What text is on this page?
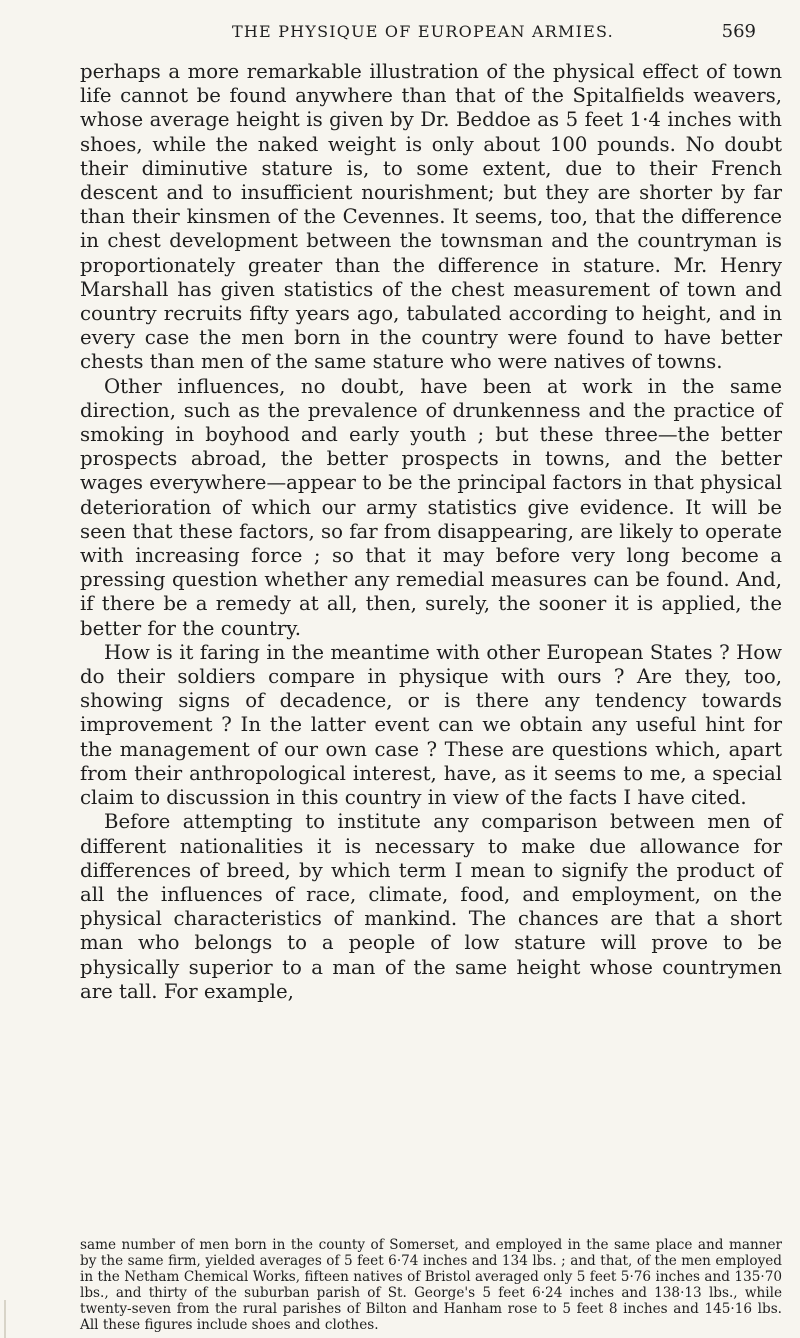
THE PHYSIQUE OF EUROPEAN ARMIES.	569

perhaps a more remarkable illustration of the physical effect of town life cannot be found anywhere than that of the Spitalfields weavers, whose average height is given by Dr. Beddoe as 5 feet 1·4 inches with shoes, while the naked weight is only about 100 pounds. No doubt their diminutive stature is, to some extent, due to their French descent and to insufficient nourishment; but they are shorter by far than their kinsmen of the Cevennes. It seems, too, that the difference in chest development between the townsman and the countryman is proportionately greater than the difference in stature. Mr. Henry Marshall has given statistics of the chest measurement of town and country recruits fifty years ago, tabulated according to height, and in every case the men born in the country were found to have better chests than men of the same stature who were natives of towns.

Other influences, no doubt, have been at work in the same direction, such as the prevalence of drunkenness and the practice of smoking in boyhood and early youth ; but these three—the better prospects abroad, the better prospects in towns, and the better wages everywhere—appear to be the principal factors in that physical deterioration of which our army statistics give evidence. It will be seen that these factors, so far from disappearing, are likely to operate with increasing force ; so that it may before very long become a pressing question whether any remedial measures can be found. And, if there be a remedy at all, then, surely, the sooner it is applied, the better for the country.

How is it faring in the meantime with other European States ? How do their soldiers compare in physique with ours ? Are they, too, showing signs of decadence, or is there any tendency towards improvement ? In the latter event can we obtain any useful hint for the management of our own case ? These are questions which, apart from their anthropological interest, have, as it seems to me, a special claim to discussion in this country in view of the facts I have cited.

Before attempting to institute any comparison between men of different nationalities it is necessary to make due allowance for differences of breed, by which term I mean to signify the product of all the influences of race, climate, food, and employment, on the physical characteristics of mankind. The chances are that a short man who belongs to a people of low stature will prove to be physically superior to a man of the same height whose countrymen are tall. For example,

same number of men born in the county of Somerset, and employed in the same place and manner by the same firm, yielded averages of 5 feet 6·74 inches and 134 lbs. ; and that, of the men employed in the Netham Chemical Works, fifteen natives of Bristol averaged only 5 feet 5·76 inches and 135·70 lbs., and thirty of the suburban parish of St. George's 5 feet 6·24 inches and 138·13 lbs., while twenty-seven from the rural parishes of Bilton and Hanham rose to 5 feet 8 inches and 145·16 lbs. All these figures include shoes and clothes.
